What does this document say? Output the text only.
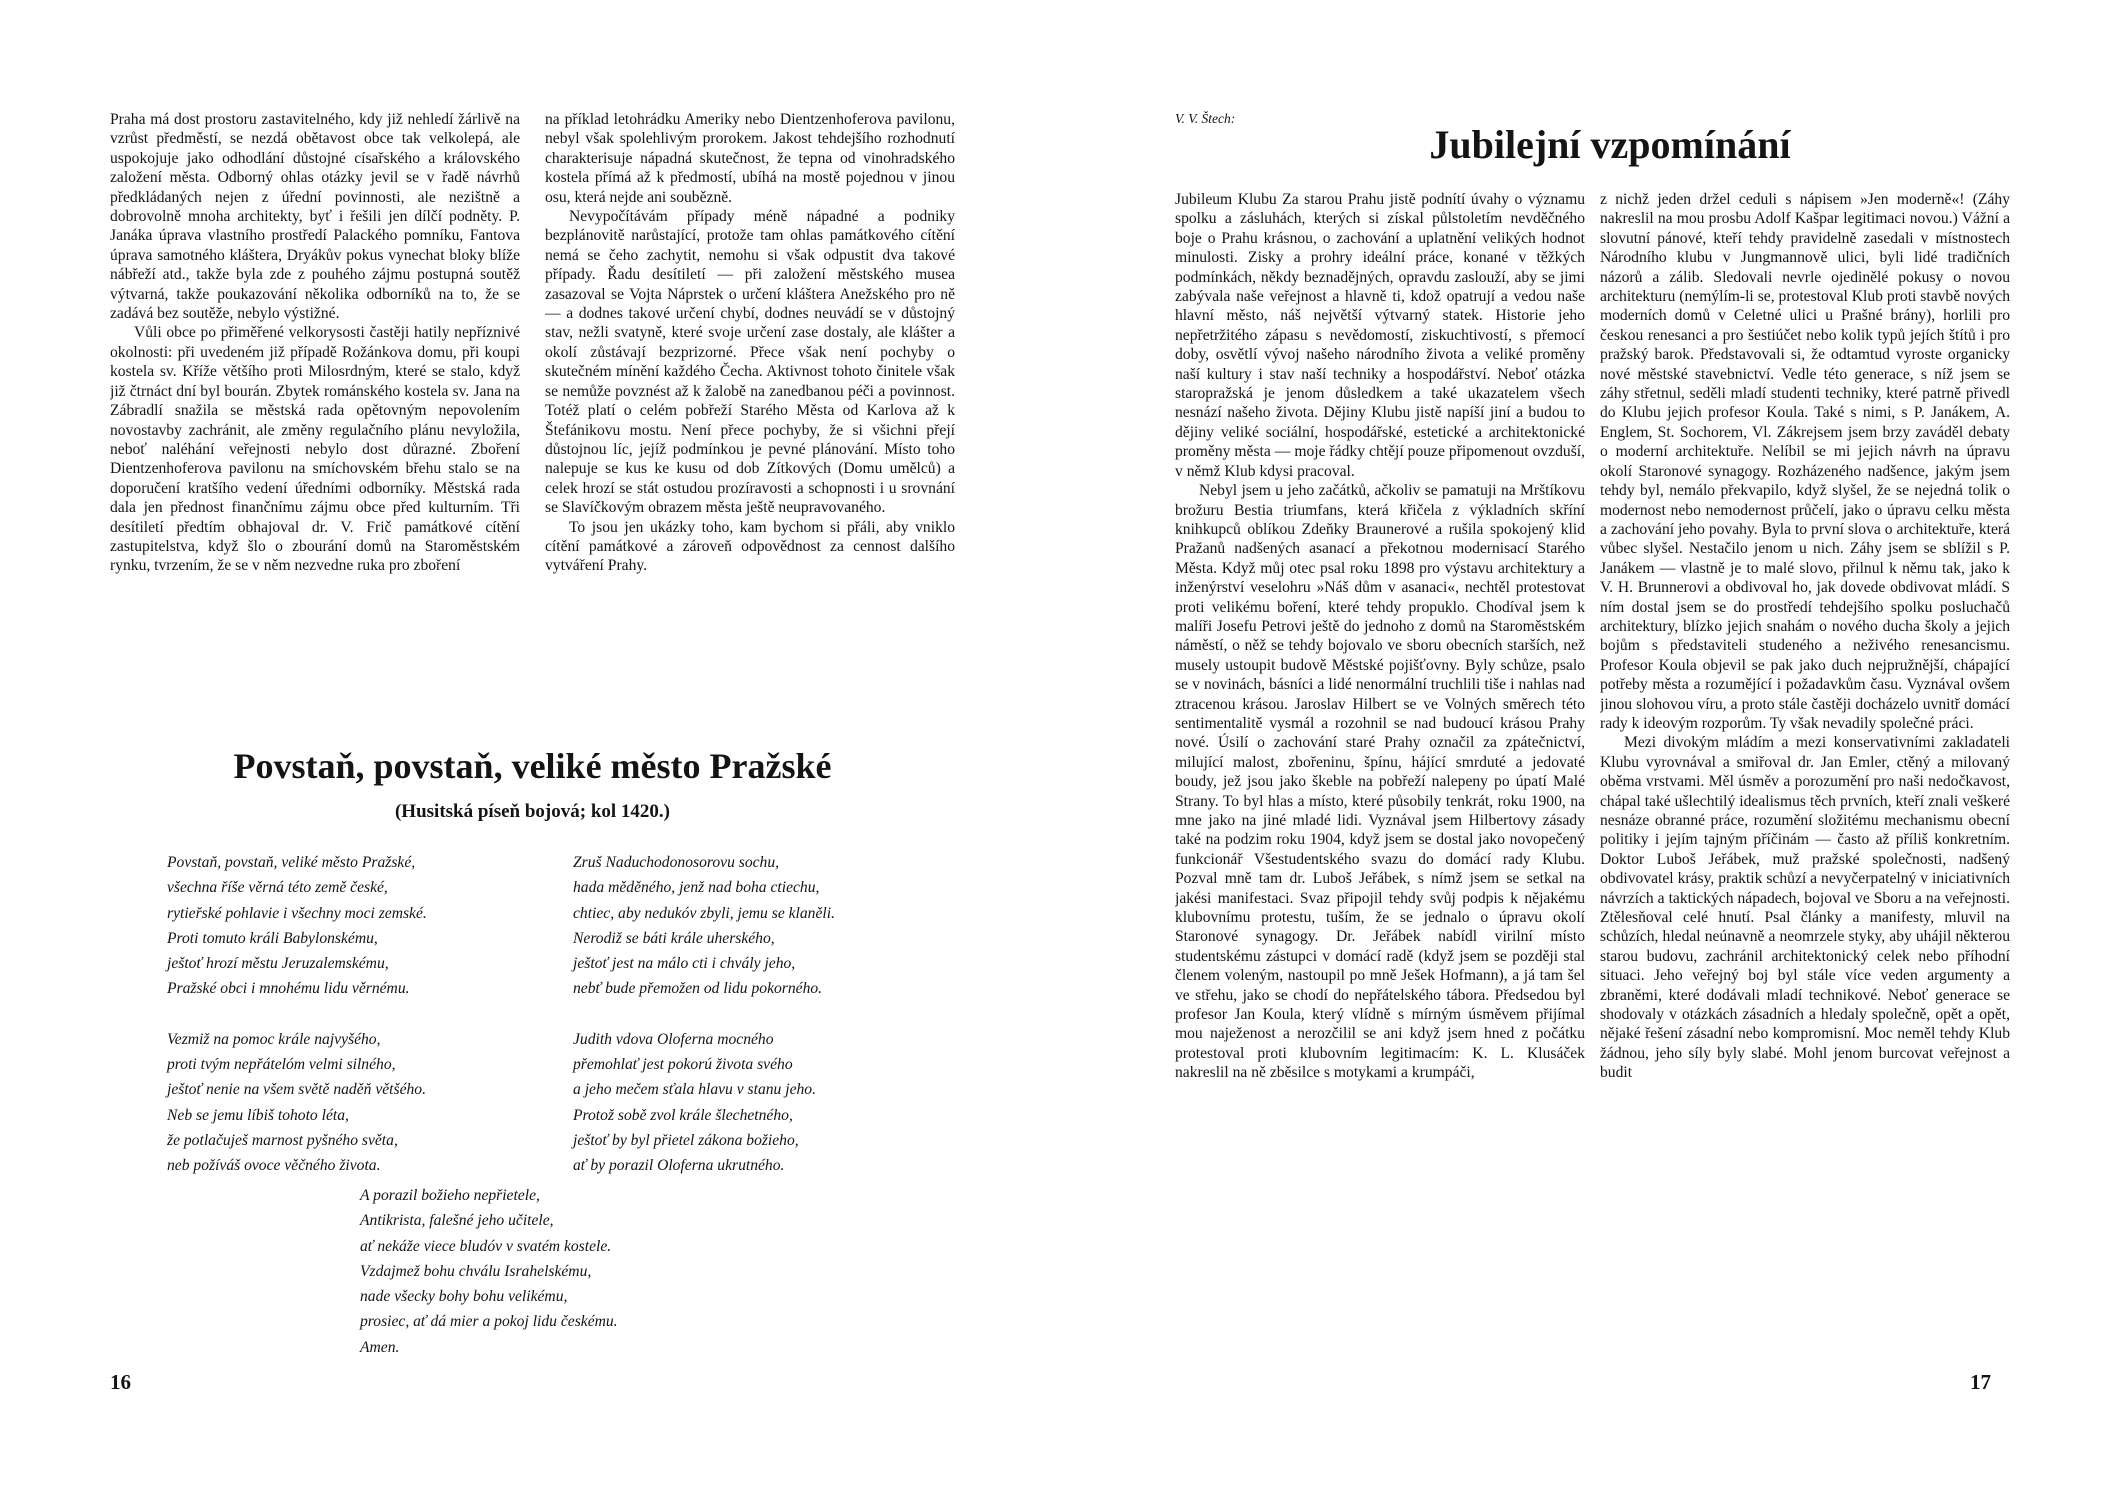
Praha má dost prostoru zastavitelného, kdy již nehledí žárlivě na vzrůst předměstí, se nezdá obětavost obce tak velkolepá, ale uspokojuje jako odhodlání důstojné císařského a královského založení města. Odborný ohlas otázky jevil se v řadě návrhů předkládaných nejen z úřední povinnosti, ale nezištně a dobrovolně mnoha architekty, byť i řešili jen dílčí podněty. P. Janáka úprava vlastního prostředí Palackého pomníku, Fantova úprava samotného kláštera, Dryákův pokus vynechat bloky blíže nábřeží atd., takže byla zde z pouhého zájmu postupná soutěž výtvarná, takže poukazování několika odborníků na to, že se zadává bez soutěže, nebylo výstižné.

Vůli obce po přiměřené velkorysosti častěji hatily nepříznivé okolnosti: při uvedeném již případě Rožánkova domu, při koupi kostela sv. Kříže většího proti Milosrdným, které se stalo, když již čtrnáct dní byl bourán. Zbytek románského kostela sv. Jana na Zábradlí snažila se městská rada opětovným nepovolením novostavby zachránit, ale změny regulačního plánu nevyložila, neboť naléhání veřejnosti nebylo dost důrazné. Zboření Dientzenhoferova pavilonu na smíchovském břehu stalo se na doporučení kratšího vedení úředními odborníky. Městská rada dala jen přednost finančnímu zájmu obce před kulturním. Tři desítiletí předtím obhajoval dr. V. Frič památkové cítění zastupitelstva, když šlo o zbourání domů na Staroměstském rynku, tvrzením, že se v něm nezvedne ruka pro zboření

na příklad letohrádku Ameriky nebo Dientzenhoferova pavilonu, nebyl však spolehlivým prorokem. Jakost tehdejšího rozhodnutí charakterisuje nápadná skutečnost, že tepna od vinohradského kostela přímá až k předmostí, ubíhá na mostě pojednou v jinou osu, která nejde ani soubězně.

Nevypočítávám případy méně nápadné a podniky bezplánovitě narůstající, protože tam ohlas památkového cítění nemá se čeho zachytit, nemohu si však odpustit dva takové případy. Řadu desítiletí — při založení městského musea zasazoval se Vojta Náprstek o určení kláštera Anežského pro ně — a dodnes takové určení chybí, dodnes neuvádí se v důstojný stav, nežli svatyně, které svoje určení zase dostaly, ale klášter a okolí zůstávají bezprizorné. Přece však není pochyby o skutečném mínění každého Čecha. Aktivnost tohoto činitele však se nemůže povznést až k žalobě na zanedbanou péči a povinnost. Totéž platí o celém pobřeží Starého Města od Karlova až k Štefánikovu mostu. Není přece pochyby, že si všichni přejí důstojnou líc, jejíž podmínkou je pevné plánování. Místo toho nalepuje se kus ke kusu od dob Zítkových (Domu umělců) a celek hrozí se stát ostudou prozíravosti a schopnosti i u srovnání se Slavíčkovým obrazem města ještě neupravovaného.

To jsou jen ukázky toho, kam bychom si přáli, aby vniklo cítění památkové a zároveň odpovědnost za cennost dalšího vytváření Prahy.

Povstaň, povstaň, veliké město Pražské
(Husitská píseň bojová; kol 1420.)
Povstaň, povstaň, veliké město Pražské,
všechna říše věrná této země české,
rytieřské pohlavie i všechny moci zemské.
Proti tomuto králi Babylonskému,
ještoť hrozí městu Jeruzalemskému,
Pražské obci i mnohému lidu věrnému.
Vezmiž na pomoc krále najvyšého,
proti tvým nepřátelóm velmi silného,
ještoť nenie na všem světě naděň většého.
Neb se jemu líbiš tohoto léta,
že potlačuješ marnost pyšného světa,
neb požíváš ovoce věčného života.
Zruš Naduchodonosorovu sochu,
hada měděného, jenž nad boha ctiechu,
chtiec, aby nedukóv zbyli, jemu se klaněli.
Nerodiž se báti krále uherského,
ještoť jest na málo cti i chvály jeho,
nebť bude přemožen od lidu pokorného.
Judith vdova Oloferna mocného
přemohlať jest pokorú života svého
a jeho mečem sťala hlavu v stanu jeho.
Protož sobě zvol krále šlechetného,
ještoť by byl přietel zákona božieho,
ať by porazil Oloferna ukrutného.
A porazil božieho nepřietele,
Antikrista, falešné jeho učitele,
ať nekáže viece bludóv v svatém kostele.
Vzdajmež bohu chválu Israhelskému,
nade všecky bohy bohu velikému,
prosiec, ať dá mier a pokoj lidu českému.
Amen.
16
V. V. Štech:
Jubilejní vzpomínání

Jubileum Klubu Za starou Prahu jistě podnítí úvahy o významu spolku a zásluhách, kterých si získal půlstoletím nevděčného boje o Prahu krásnou, o zachování a uplatnění velikých hodnot minulosti. Zisky a prohry ideální práce, konané v těžkých podmínkách, někdy beznadějných, opravdu zaslouží, aby se jimi zabývala naše veřejnost a hlavně ti, kdož opatrují a vedou naše hlavní město, náš největší výtvarný statek. Historie jeho nepřetržitého zápasu s nevědomostí, ziskuchtivostí, s přemocí doby, osvětlí vývoj našeho národního života a veliké proměny naší kultury i stav naší techniky a hospodářství. Neboť otázka staropražská je jenom důsledkem a také ukazatelem všech nesnází našeho života. Dějiny Klubu jistě napíší jiní a budou to dějiny veliké sociální, hospodářské, estetické a architektonické proměny města — moje řádky chtějí pouze připomenout ovzduší, v němž Klub kdysi pracoval.

Nebyl jsem u jeho začátků, ačkoliv se pamatuji na Mrštíkovu brožuru Bestia triumfans, která křičela z výkladních skříní knihkupců oblíkou Zdeňky Braunerové a rušila spokojený klid Pražanů nadšených asanací a překotnou modernisací Starého Města. Když můj otec psal roku 1898 pro výstavu architektury a inženýrství veselohru »Náš dům v asanaci«, nechtěl protestovat proti velikému boření, které tehdy propuklo. Chodíval jsem k malíři Josefu Petrovi ještě do jednoho z domů na Staroměstském náměstí, o něž se tehdy bojovalo ve sboru obecních starších, než musely ustoupit budově Městské pojišťovny. Byly schůze, psalo se v novinách, básníci a lidé nenormální truchlili tiše i nahlas nad ztracenou krásou. Jaroslav Hilbert se ve Volných směrech této sentimentalitě vysmál a rozohnil se nad budoucí krásou Prahy nové. Úsilí o zachování staré Prahy označil za zpátečnictví, milující malost, zbořeninu, špínu, hájící smrduté a jedovaté boudy, jež jsou jako škeble na pobřeží nalepeny po úpatí Malé Strany. To byl hlas a místo, které působily tenkrát, roku 1900, na mne jako na jiné mladé lidi. Vyznával jsem Hilbertovy zásady také na podzim roku 1904, když jsem se dostal jako novopečený funkcionář Všestudentského svazu do domácí rady Klubu. Pozval mně tam dr. Luboš Jeřábek, s nímž jsem se setkal na jakési manifestaci. Svaz připojil tehdy svůj podpis k nějakému klubovnímu protestu, tuším, že se jednalo o úpravu okolí Staronové synagogy. Dr. Jeřábek nabídl virilní místo studentskému zástupci v domácí radě (když jsem se později stal členem voleným, nastoupil po mně Ješek Hofmann), a já tam šel ve střehu, jako se chodí do nepřátelského tábora. Předsedou byl profesor Jan Koula, který vlídně s mírným úsměvem přijímal mou naježenost a nerozčilil se ani když jsem hned z počátku protestoval proti klubovním legitimacím: K. L. Klusáček nakreslil na ně zběsilce s motykami a krumpáči,

z nichž jeden držel ceduli s nápisem »Jen moderně«! (Záhy nakreslil na mou prosbu Adolf Kašpar legitimaci novou.) Vážní a slovutní pánové, kteří tehdy pravidelně zasedali v místnostech Národního klubu v Jungmannově ulici, byli lidé tradičních názorů a zálib. Sledovali nevrle ojedinělé pokusy o novou architekturu (nemýlím-li se, protestoval Klub proti stavbě nových moderních domů v Celetné ulici u Prašné brány), horlili pro českou renesanci a pro šestiúčet nebo kolik typů jejích štítů i pro pražský barok. Představovali si, že odtamtud vyroste organicky nové městské stavebnictví. Vedle této generace, s níž jsem se záhy střetnul, seděli mladí studenti techniky, které patrně přivedl do Klubu jejich profesor Koula. Také s nimi, s P. Janákem, A. Englem, St. Sochorem, Vl. Zákrejsem jsem brzy zaváděl debaty o moderní architektuře. Nelíbil se mi jejich návrh na úpravu okolí Staronové synagogy. Rozházeného nadšence, jakým jsem tehdy byl, nemálo překvapilo, když slyšel, že se nejedná tolik o modernost nebo nemodernost průčelí, jako o úpravu celku města a zachování jeho povahy. Byla to první slova o architektuře, která vůbec slyšel. Nestačilo jenom u nich. Záhy jsem se sblížil s P. Janákem — vlastně je to malé slovo, přilnul k němu tak, jako k V. H. Brunnerovi a obdivoval ho, jak dovede obdivovat mládí. S ním dostal jsem se do prostředí tehdejšího spolku posluchačů architektury, blízko jejich snahám o nového ducha školy a jejich bojům s představiteli studeného a neživého renesancismu. Profesor Koula objevil se pak jako duch nejpružnější, chápající potřeby města a rozumějící i požadavkům času. Vyznával ovšem jinou slohovou víru, a proto stále častěji docházelo uvnitř domácí rady k ideovým rozporům. Ty však nevadily společné práci.

Mezi divokým mládím a mezi konservativními zakladateli Klubu vyrovnával a smiřoval dr. Jan Emler, ctěný a milovaný oběma vrstvami. Měl úsměv a porozumění pro naši nedočkavost, chápal také ušlechtilý idealismus těch prvních, kteří znali veškeré nesnáze obranné práce, rozumění složitému mechanismu obecní politiky i jejím tajným příčinám — často až příliš konkretním. Doktor Luboš Jeřábek, muž pražské společnosti, nadšený obdivovatel krásy, praktik schůzí a nevyčerpatelný v iniciativních návrzích a taktických nápadech, bojoval ve Sboru a na veřejnosti. Ztělesňoval celé hnutí. Psal články a manifesty, mluvil na schůzích, hledal neúnavně a neomrzele styky, aby uhájil některou starou budovu, zachránil architektonický celek nebo příhodní situaci. Jeho veřejný boj byl stále více veden argumenty a zbraněmi, které dodávali mladí technikové. Neboť generace se shodovaly v otázkách zásadních a hledaly společně, opět a opět, nějaké řešení zásadní nebo kompromisní. Moc neměl tehdy Klub žádnou, jeho síly byly slabé. Mohl jenom burcovat veřejnost a budit

17
